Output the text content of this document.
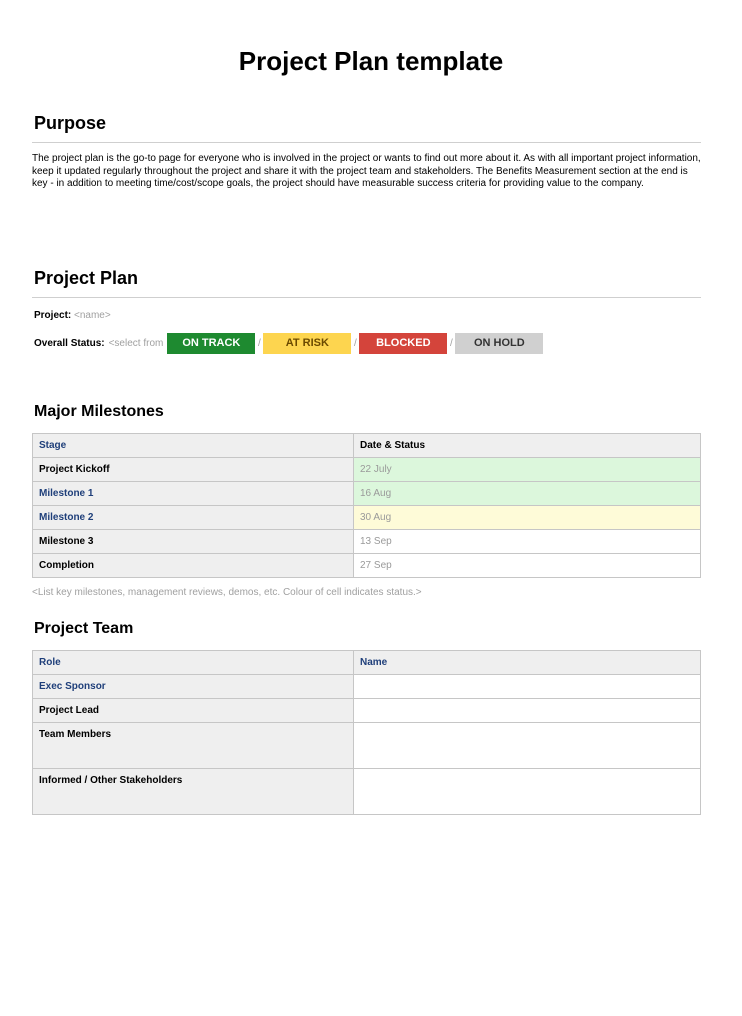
Project Plan template
Purpose

The project plan is the go-to page for everyone who is involved in the project or wants to find out more about it. As with all important project information, keep it updated regularly throughout the project and share it with the project team and stakeholders. The Benefits Measurement section at the end is key - in addition to meeting time/cost/scope goals, the project should have measurable success criteria for providing value to the company.

Project Plan
Project: <name>
Overall Status: <select from	ON TRACK	/	AT RISK	/	BLOCKED	/	ON HOLD
Major Milestones
Stage	Date & Status
Project Kickoff	22 July
Milestone 1	16 Aug
Milestone 2	30 Aug
Milestone 3	13 Sep
Completion	27 Sep
<List key milestones, management reviews, demos, etc. Colour of cell indicates status.>
Project Team
Role	Name
Exec Sponsor	
Project Lead	
Team Members	
Informed / Other Stakeholders	
